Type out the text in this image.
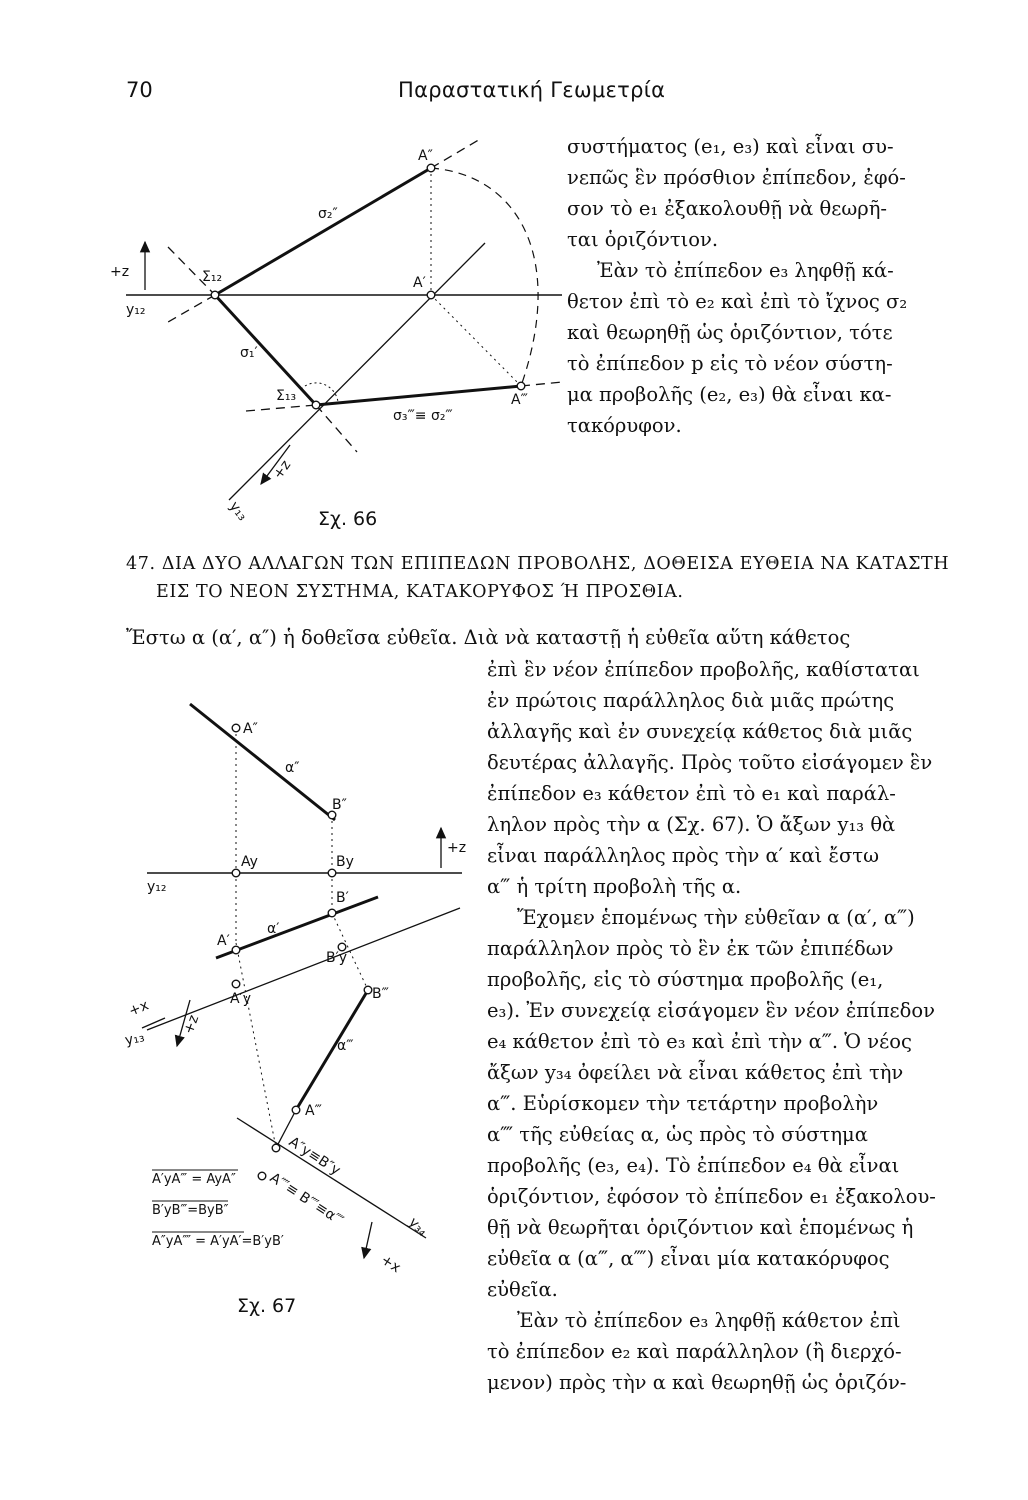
70	Παραστατική Γεωμετρία

συστήματος (e₁, e₃) καὶ εἶναι συ-

νεπῶς ἓν πρόσθιον ἐπίπεδον, ἐφό-

σον τὸ e₁ ἐξακολουθῇ νὰ θεωρῆ-

ται ὁριζόντιον.

Ἐὰν τὸ ἐπίπεδον e₃ ληφθῇ κά-

θετον ἐπὶ τὸ e₂ καὶ ἐπὶ τὸ ἴχνος σ₂

καὶ θεωρηθῇ ὡς ὁριζόντιον, τότε

τὸ ἐπίπεδον p εἰς τὸ νέον σύστη-

μα προβολῆς (e₂, e₃) θὰ εἶναι κα-

τακόρυφον.

47. ΔΙΑ ΔΥΟ ΑΛΛΑΓΩΝ ΤΩΝ ΕΠΙΠΕΔΩΝ ΠΡΟΒΟΛΗΣ, ΔΟΘΕΙΣΑ ΕΥΘΕΙΑ ΝΑ ΚΑΤΑΣΤΗ

ΕΙΣ ΤΟ ΝΕΟΝ ΣΥΣΤΗΜΑ, ΚΑΤΑΚΟΡΥΦΟΣ Ή ΠΡΟΣΘΙΑ.

Ἔστω α (α′, α″) ἡ δοθεῖσα εὐθεῖα. Διὰ νὰ καταστῇ ἡ εὐθεῖα αὕτη κάθετος

ἐπὶ ἓν νέον ἐπίπεδον προβολῆς, καθίσταται

ἐν πρώτοις παράλληλος διὰ μιᾶς πρώτης

ἀλλαγῆς καὶ ἐν συνεχείᾳ κάθετος διὰ μιᾶς

δευτέρας ἀλλαγῆς. Πρὸς τοῦτο εἰσάγομεν ἓν

ἐπίπεδον e₃ κάθετον ἐπὶ τὸ e₁ καὶ παράλ-

ληλον πρὸς τὴν α (Σχ. 67). Ὁ ἄξων y₁₃ θὰ

εἶναι παράλληλος πρὸς τὴν α′ καὶ ἔστω

α‴ ἡ τρίτη προβολὴ τῆς α.

Ἔχομεν ἑπομένως τὴν εὐθεῖαν α (α′, α‴)

παράλληλον πρὸς τὸ ἓν ἐκ τῶν ἐπιπέδων

προβολῆς, εἰς τὸ σύστημα προβολῆς (e₁,

e₃). Ἐν συνεχείᾳ εἰσάγομεν ἓν νέον ἐπίπεδον

e₄ κάθετον ἐπὶ τὸ e₃ καὶ ἐπὶ τὴν α‴. Ὁ νέος

ἄξων y₃₄ ὀφείλει νὰ εἶναι κάθετος ἐπὶ τὴν

α‴. Εὑρίσκομεν τὴν τετάρτην προβολὴν

α⁗ τῆς εὐθείας α, ὡς πρὸς τὸ σύστημα

προβολῆς (e₃, e₄). Τὸ ἐπίπεδον e₄ θὰ εἶναι

ὁριζόντιον, ἐφόσον τὸ ἐπίπεδον e₁ ἐξακολου-

θῇ νὰ θεωρῆται ὁριζόντιον καὶ ἑπομένως ἡ

εὐθεῖα α (α‴, α⁗) εἶναι μία κατακόρυφος

εὐθεῖα.

Ἐὰν τὸ ἐπίπεδον e₃ ληφθῇ κάθετον ἐπὶ

τὸ ἐπίπεδον e₂ καὶ παράλληλον (ἢ διερχό-

μενον) πρὸς τὴν α καὶ θεωρηθῇ ὡς ὁριζόν-

A″
σ₂″
+z
y₁₂
Σ₁₂	A′
σ₁′
Σ₁₃
σ₃‴≡ σ₂‴
A‴
+z
y₁₃	Σχ. 66
A″
α″
B″
+z
Ay	By
y₁₂
B′
α′
A′
B′y
A′y	B‴
+x
+z
y₁₃	α‴
A‴
A″y≡B″y
A⁗≡ B⁗≡α⁗	y₃₄
+x
A′yA‴ = AyA″
B′yB‴=ByB″
A″yA⁗ = A′yA′=B′yB′
Σχ. 67
